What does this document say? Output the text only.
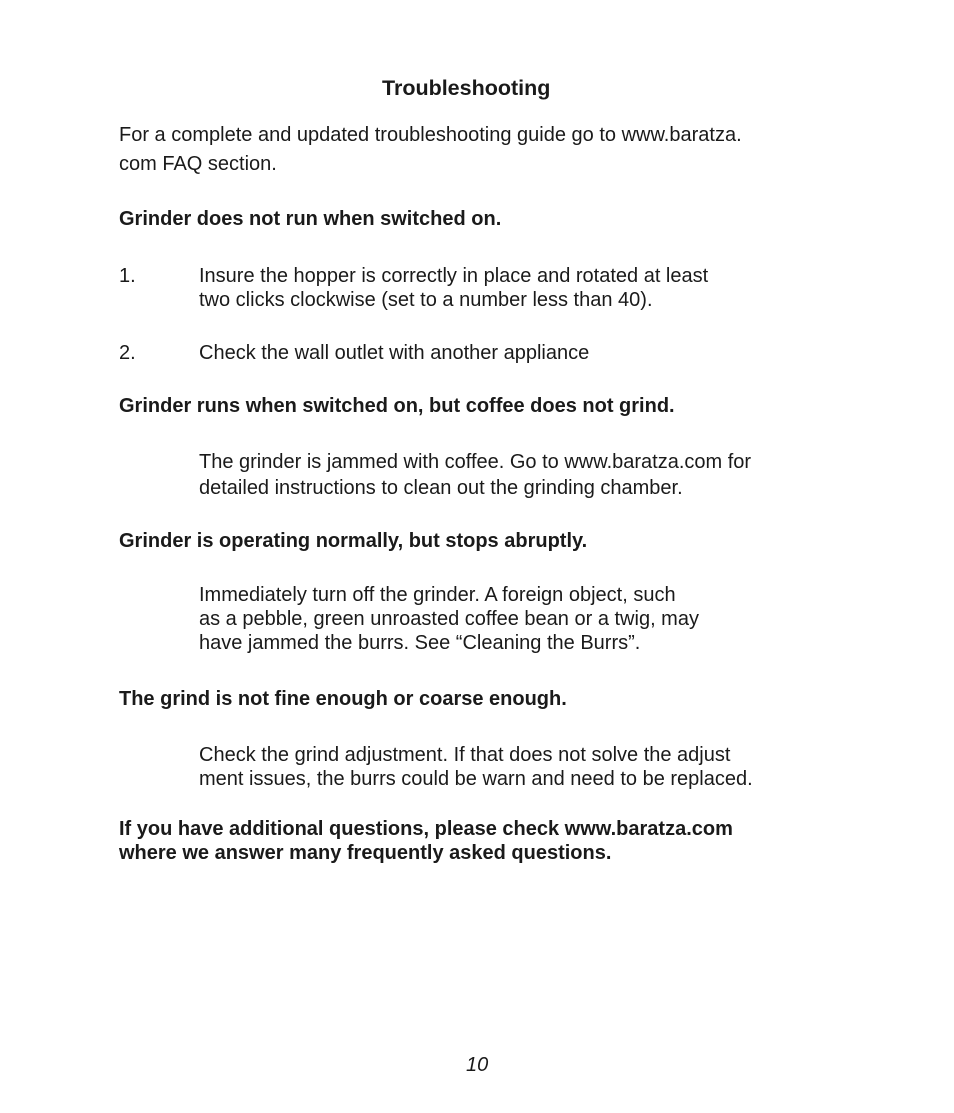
Troubleshooting
For a complete and updated troubleshooting guide go to www.baratza.
com FAQ section.
Grinder does not run when switched on.
1.	Insure the hopper is correctly in place and rotated at least
two clicks clockwise (set to a number less than 40).
2.	Check the wall outlet with another appliance
Grinder runs when switched on, but coffee does not grind.
The grinder is jammed with coffee. Go to www.baratza.com for
detailed instructions to clean out the grinding chamber.
Grinder is operating normally, but stops abruptly.
Immediately turn off the grinder. A foreign object, such
as a pebble, green unroasted coffee bean or a twig, may
have jammed the burrs. See “Cleaning the Burrs”.
The grind is not fine enough or coarse enough.
Check the grind adjustment. If that does not solve the adjust
ment issues, the burrs could be warn and need to be replaced.
If you have additional questions, please check www.baratza.com
where we answer many frequently asked questions.
10
